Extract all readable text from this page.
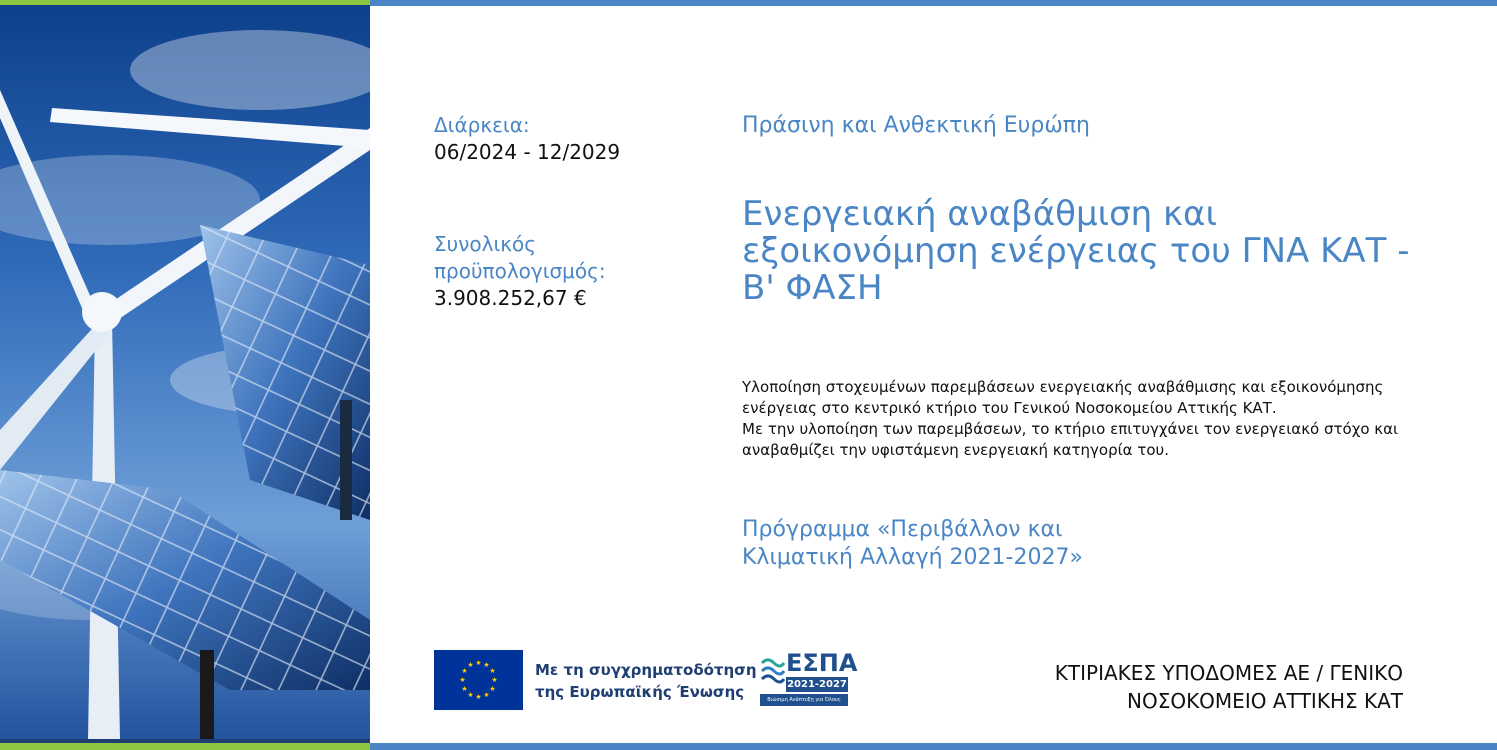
Διάρκεια:
06/2024 - 12/2029
Συνολικός
προϋπολογισμός:
3.908.252,67 €
Πράσινη και Ανθεκτική Ευρώπη
Ενεργειακή αναβάθμιση και
εξοικονόμηση ενέργειας του ΓΝΑ ΚΑΤ -
Β' ΦΑΣΗ
Υλοποίηση στοχευμένων παρεμβάσεων ενεργειακής αναβάθμισης και εξοικονόμησης
ενέργειας στο κεντρικό κτήριο του Γενικού Νοσοκομείου Αττικής ΚΑΤ.
Με την υλοποίηση των παρεμβάσεων, το κτήριο επιτυγχάνει τον ενεργειακό στόχο και
αναβαθμίζει την υφιστάμενη ενεργειακή κατηγορία του.
Πρόγραμμα «Περιβάλλον και
Κλιματική Αλλαγή 2021-2027»
★ ★
★
★
★
★
★
★
★
★
★
★	Με τη συγχρηματοδότηση
της Ευρωπαϊκής Ένωσης
ΕΣΠΑ
2021-2027
Βιώσιμη Ανάπτυξη για Όλους
ΚΤΙΡΙΑΚΕΣ ΥΠΟΔΟΜΕΣ ΑΕ / ΓΕΝΙΚΟ
ΝΟΣΟΚΟΜΕΙΟ ΑΤΤΙΚΗΣ ΚΑΤ
